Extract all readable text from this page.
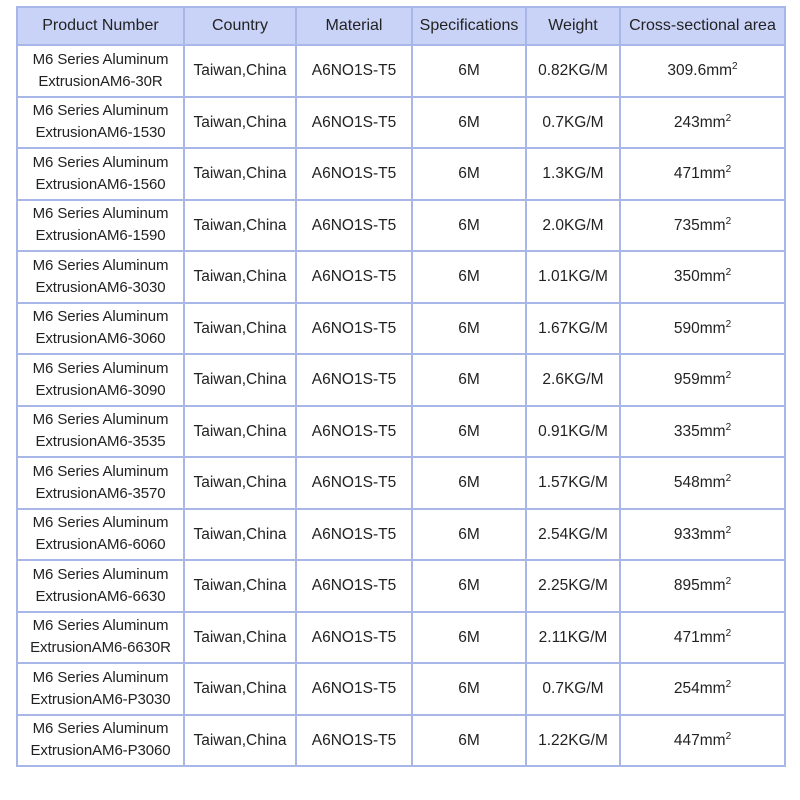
Product Number	Country	Material	Specifications	Weight	Cross-sectional area

M6 Series Aluminum
ExtrusionAM6-30R	Taiwan,China	A6NO1S-T5	6M	0.82KG/M	$309.6mm^2$

M6 Series Aluminum
ExtrusionAM6-1530	Taiwan,China	A6NO1S-T5	6M	0.7KG/M	$243mm^2$

M6 Series Aluminum
ExtrusionAM6-1560	Taiwan,China	A6NO1S-T5	6M	1.3KG/M	$471mm^2$

M6 Series Aluminum
ExtrusionAM6-1590	Taiwan,China	A6NO1S-T5	6M	2.0KG/M	$735mm^2$

M6 Series Aluminum
ExtrusionAM6-3030	Taiwan,China	A6NO1S-T5	6M	1.01KG/M	$350mm^2$

M6 Series Aluminum
ExtrusionAM6-3060	Taiwan,China	A6NO1S-T5	6M	1.67KG/M	$590mm^2$

M6 Series Aluminum
ExtrusionAM6-3090	Taiwan,China	A6NO1S-T5	6M	2.6KG/M	$959mm^2$

M6 Series Aluminum
ExtrusionAM6-3535	Taiwan,China	A6NO1S-T5	6M	0.91KG/M	$335mm^2$

M6 Series Aluminum
ExtrusionAM6-3570	Taiwan,China	A6NO1S-T5	6M	1.57KG/M	$548mm^2$

M6 Series Aluminum
ExtrusionAM6-6060	Taiwan,China	A6NO1S-T5	6M	2.54KG/M	$933mm^2$

M6 Series Aluminum
ExtrusionAM6-6630	Taiwan,China	A6NO1S-T5	6M	2.25KG/M	$895mm^2$

M6 Series Aluminum
ExtrusionAM6-6630R	Taiwan,China	A6NO1S-T5	6M	2.11KG/M	$471mm^2$

M6 Series Aluminum
ExtrusionAM6-P3030	Taiwan,China	A6NO1S-T5	6M	0.7KG/M	$254mm^2$

M6 Series Aluminum
ExtrusionAM6-P3060	Taiwan,China	A6NO1S-T5	6M	1.22KG/M	$447mm^2$
